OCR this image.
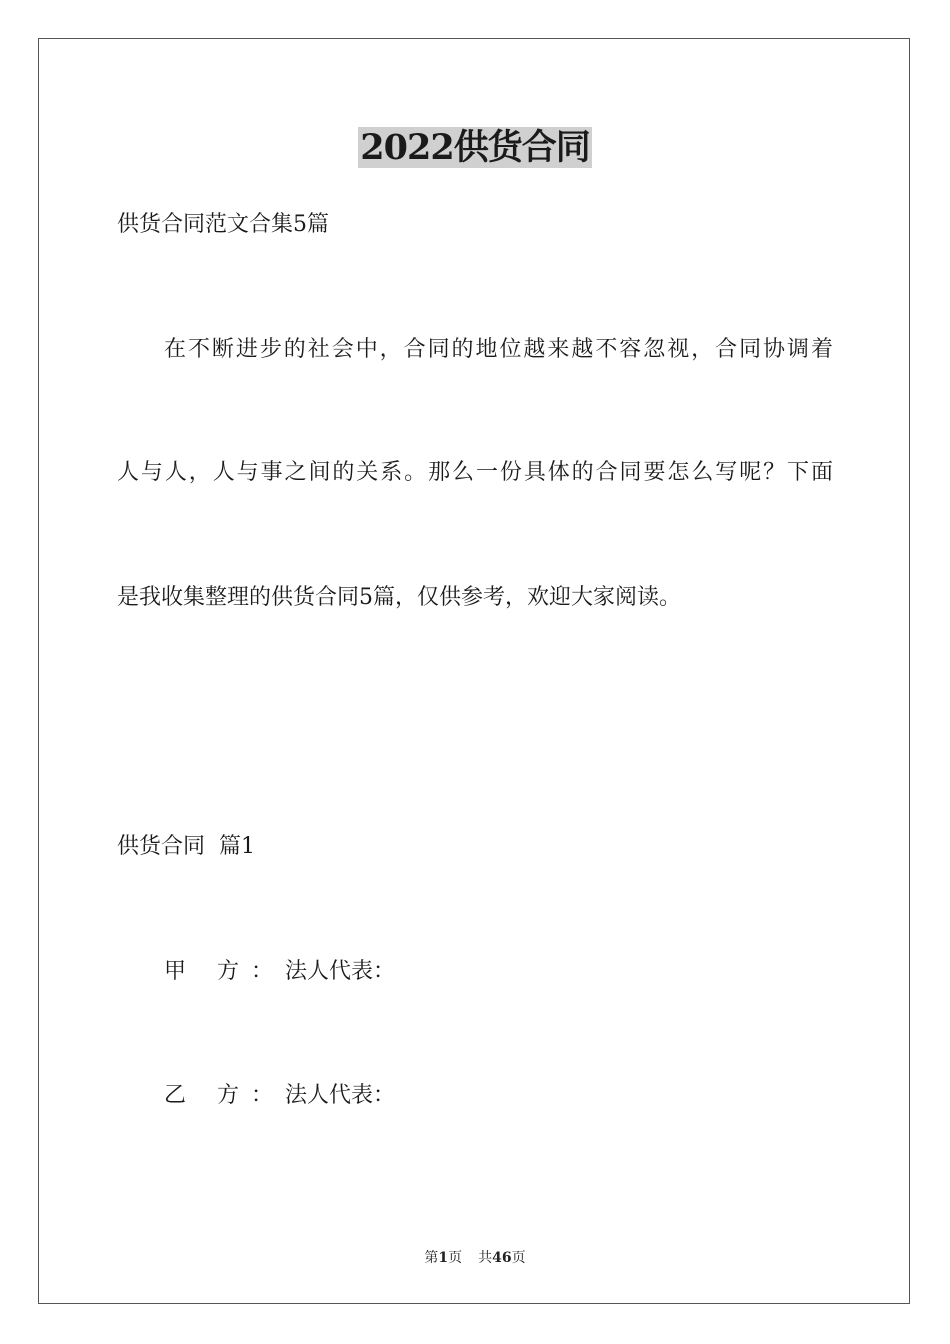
2022供货合同
供货合同范文合集5篇
在不断进步的社会中，合同的地位越来越不容忽视，合同协调着
人与人，人与事之间的关系。那么一份具体的合同要怎么写呢？下面
是我收集整理的供货合同5篇，仅供参考，欢迎大家阅读。
供货合同  篇1
甲 方：法人代表：
乙 方：法人代表：
第1页 共46页
